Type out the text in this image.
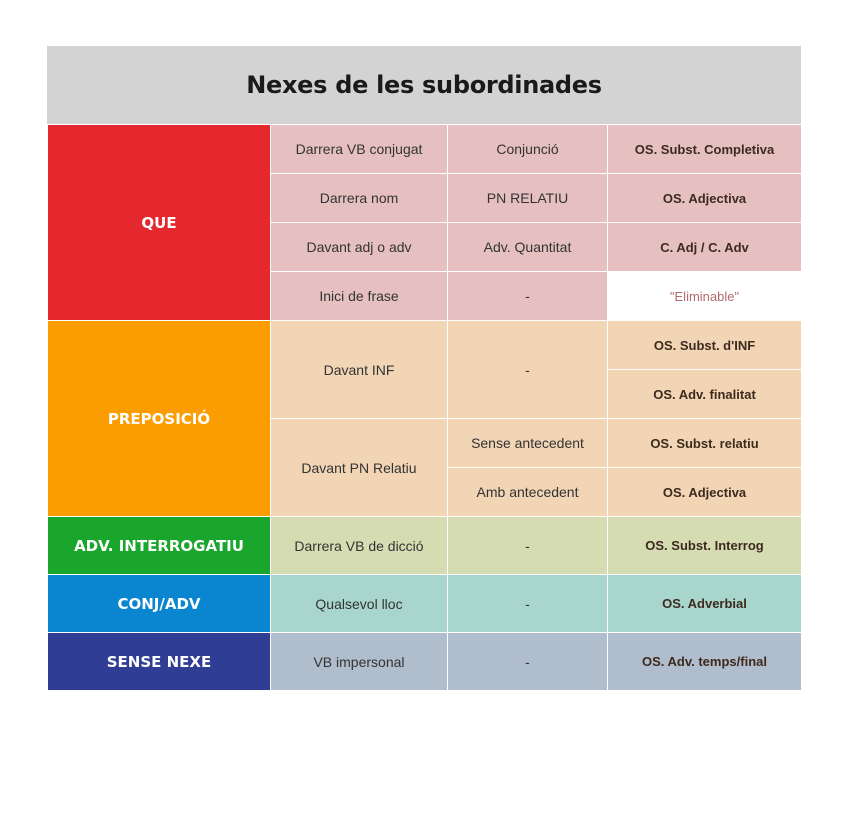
Nexes de les subordinades
QUE	Darrera VB conjugat	Conjunció	OS. Subst. Completiva
	Darrera nom	PN RELATIU	OS. Adjectiva
	Davant adj o adv	Adv. Quantitat	C. Adj / C. Adv
	Inici de frase	-	"Eliminable"
PREPOSICIÓ	Davant INF	-	OS. Subst. d'INF
			OS. Adv. finalitat
	Davant PN Relatiu	Sense antecedent	OS. Subst. relatiu
		Amb antecedent	OS. Adjectiva
ADV. INTERROGATIU	Darrera VB de dicció	-	OS. Subst. Interrog
CONJ/ADV	Qualsevol lloc	-	OS. Adverbial
SENSE NEXE	VB impersonal	-	OS. Adv. temps/final
